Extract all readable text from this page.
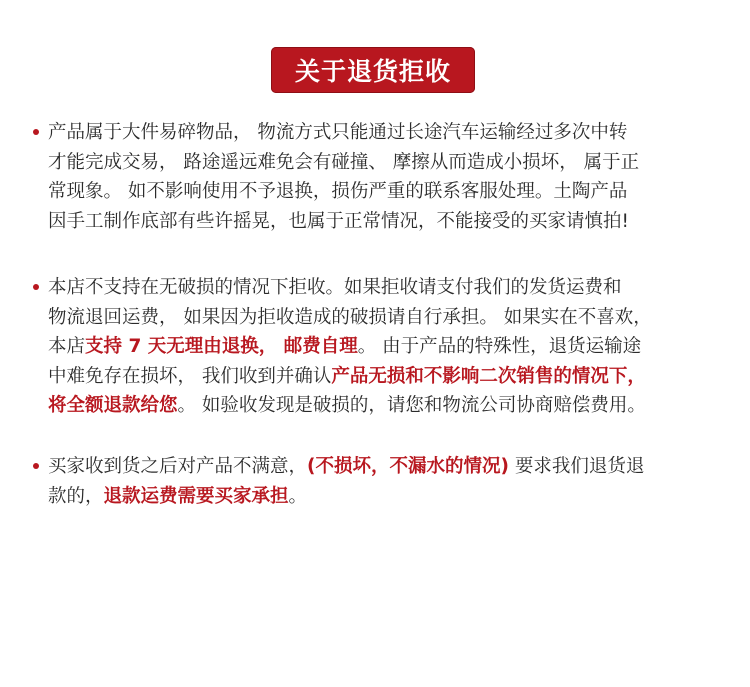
关于退货拒收
产品属于大件易碎物品， 物流方式只能通过长途汽车运输经过多次中转
才能完成交易， 路途遥远难免会有碰撞、 摩擦从而造成小损坏， 属于正
常现象。 如不影响使用不予退换，损伤严重的联系客服处理。土陶产品
因手工制作底部有些许摇晃，也属于正常情况，不能接受的买家请慎拍!
本店不支持在无破损的情况下拒收。如果拒收请支付我们的发货运费和
物流退回运费， 如果因为拒收造成的破损请自行承担。 如果实在不喜欢，
本店支持 7 天无理由退换， 邮费自理。 由于产品的特殊性，退货运输途
中难免存在损坏， 我们收到并确认产品无损和不影响二次销售的情况下，
将全额退款给您。 如验收发现是破损的，请您和物流公司协商赔偿费用。
买家收到货之后对产品不满意，(不损坏，不漏水的情况) 要求我们退货退
款的，退款运费需要买家承担。
